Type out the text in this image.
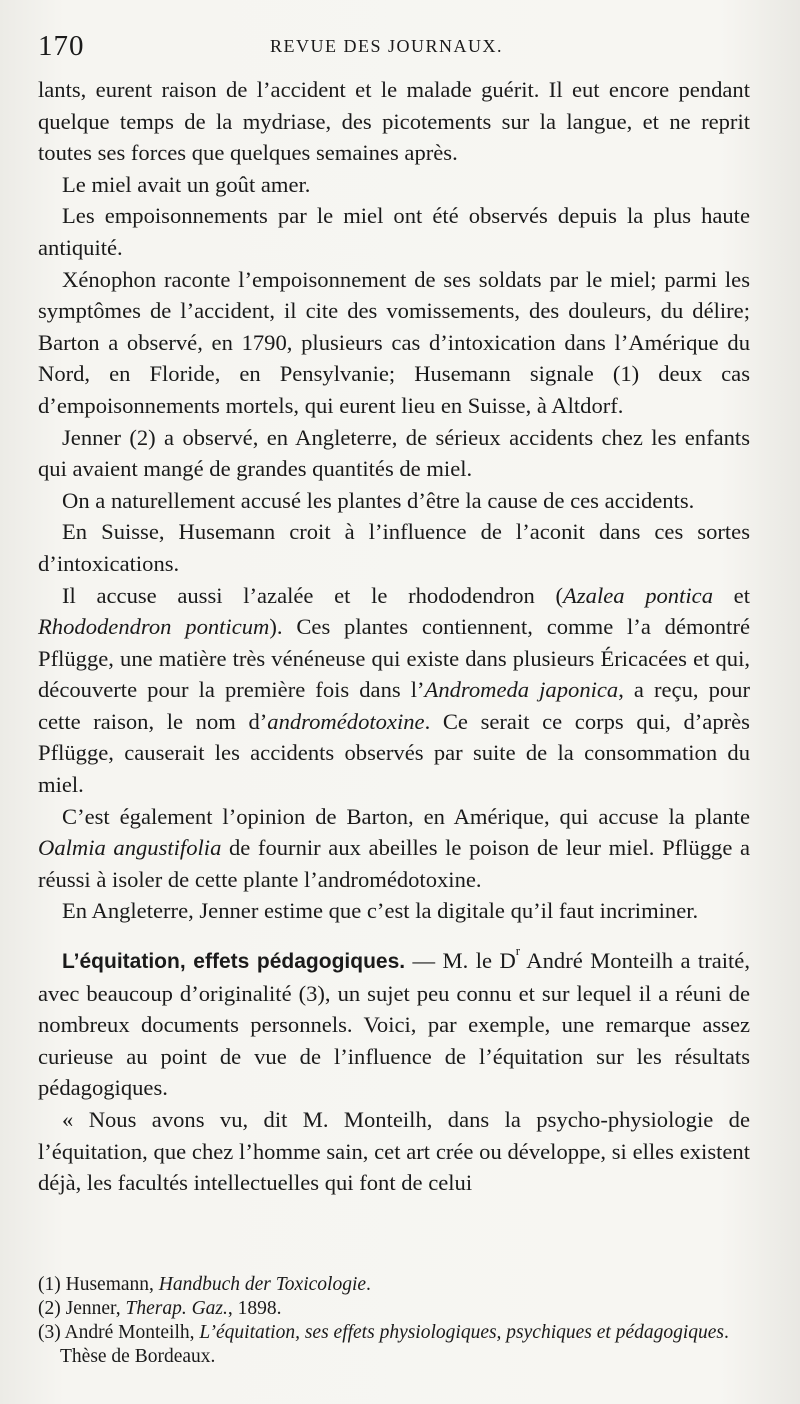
170	REVUE DES JOURNAUX.

lants, eurent raison de l’accident et le malade guérit. Il eut encore pendant quelque temps de la mydriase, des picotements sur la langue, et ne reprit toutes ses forces que quelques semaines après.

Le miel avait un goût amer.

Les empoisonnements par le miel ont été observés depuis la plus haute antiquité.

Xénophon raconte l’empoisonnement de ses soldats par le miel; parmi les symptômes de l’accident, il cite des vomissements, des douleurs, du délire; Barton a observé, en 1790, plusieurs cas d’intoxication dans l’Amérique du Nord, en Floride, en Pensylvanie; Husemann signale (1) deux cas d’empoisonnements mortels, qui eurent lieu en Suisse, à Altdorf.

Jenner (2) a observé, en Angleterre, de sérieux accidents chez les enfants qui avaient mangé de grandes quantités de miel.

On a naturellement accusé les plantes d’être la cause de ces accidents.

En Suisse, Husemann croit à l’influence de l’aconit dans ces sortes d’intoxications.

Il accuse aussi l’azalée et le rhododendron (Azalea pontica et Rhododendron ponticum). Ces plantes contiennent, comme l’a démontré Pflügge, une matière très vénéneuse qui existe dans plusieurs Éricacées et qui, découverte pour la première fois dans l’Andromeda japonica, a reçu, pour cette raison, le nom d’andromédotoxine. Ce serait ce corps qui, d’après Pflügge, causerait les accidents observés par suite de la consommation du miel.

C’est également l’opinion de Barton, en Amérique, qui accuse la plante Oalmia angustifolia de fournir aux abeilles le poison de leur miel. Pflügge a réussi à isoler de cette plante l’andromédotoxine.

En Angleterre, Jenner estime que c’est la digitale qu’il faut incriminer.

L’équitation, effets pédagogiques. — M. le $D^r$ André Monteilh a traité, avec beaucoup d’originalité (3), un sujet peu connu et sur lequel il a réuni de nombreux documents personnels. Voici, par exemple, une remarque assez curieuse au point de vue de l’influence de l’équitation sur les résultats pédagogiques.

« Nous avons vu, dit M. Monteilh, dans la psycho-physiologie de l’équitation, que chez l’homme sain, cet art crée ou développe, si elles existent déjà, les facultés intellectuelles qui font de celui

(1) Husemann, Handbuch der Toxicologie.

(2) Jenner, Therap. Gaz., 1898.

(3) André Monteilh, L’équitation, ses effets physiologiques, psychiques et pédagogiques. Thèse de Bordeaux.
